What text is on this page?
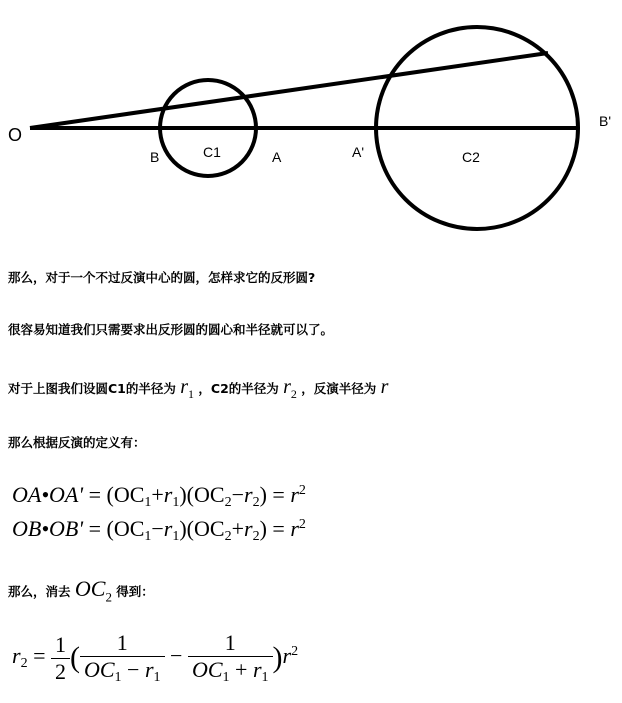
O
B	C1	A	A'	C2
B'
那么，对于一个不过反演中心的圆，怎样求它的反形圆?
很容易知道我们只需要求出反形圆的圆心和半径就可以了。
对于上图我们设圆C1的半径为 $r_1$ ，C2的半径为 $r_2$ ，反演半径为 r
那么根据反演的定义有：
OA•OA' = $(OC_1+r_1)(OC_2-r_2) = r^2$
OB•OB' = $(OC_1-r_1)(OC_2+r_2) = r^2$
那么，消去 $OC_2$ 得到：
$r_2 = \frac{1}{2}$ ( $\frac{1}{OC_1 - r_1} - \frac{1}{OC_1 + r_1} )r^2$
